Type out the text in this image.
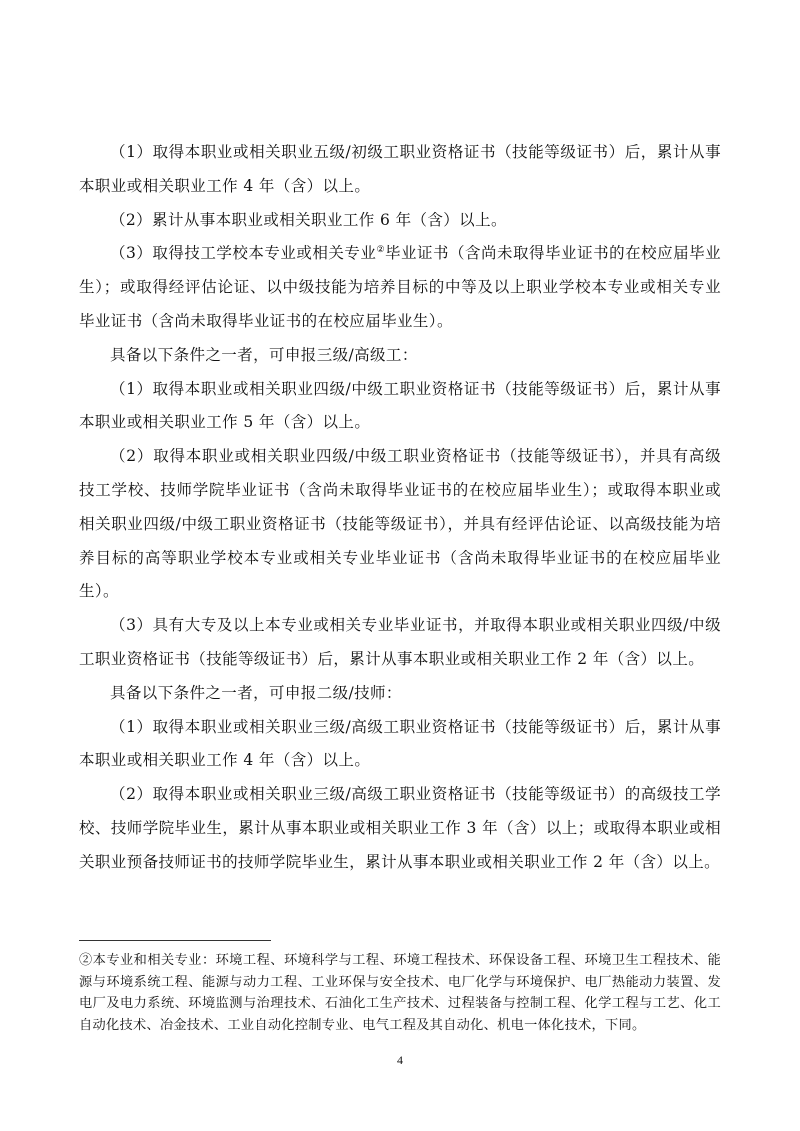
（1）取得本职业或相关职业五级/初级工职业资格证书（技能等级证书）后，累计从事本职业或相关职业工作 4 年（含）以上。

（2）累计从事本职业或相关职业工作 6 年（含）以上。

（3）取得技工学校本专业或相关专业②毕业证书（含尚未取得毕业证书的在校应届毕业生）；或取得经评估论证、以中级技能为培养目标的中等及以上职业学校本专业或相关专业毕业证书（含尚未取得毕业证书的在校应届毕业生）。

具备以下条件之一者，可申报三级/高级工：

（1）取得本职业或相关职业四级/中级工职业资格证书（技能等级证书）后，累计从事本职业或相关职业工作 5 年（含）以上。

（2）取得本职业或相关职业四级/中级工职业资格证书（技能等级证书），并具有高级技工学校、技师学院毕业证书（含尚未取得毕业证书的在校应届毕业生）；或取得本职业或相关职业四级/中级工职业资格证书（技能等级证书），并具有经评估论证、以高级技能为培养目标的高等职业学校本专业或相关专业毕业证书（含尚未取得毕业证书的在校应届毕业生）。

（3）具有大专及以上本专业或相关专业毕业证书，并取得本职业或相关职业四级/中级工职业资格证书（技能等级证书）后，累计从事本职业或相关职业工作 2 年（含）以上。

具备以下条件之一者，可申报二级/技师：

（1）取得本职业或相关职业三级/高级工职业资格证书（技能等级证书）后，累计从事本职业或相关职业工作 4 年（含）以上。

（2）取得本职业或相关职业三级/高级工职业资格证书（技能等级证书）的高级技工学校、技师学院毕业生，累计从事本职业或相关职业工作 3 年（含）以上；或取得本职业或相关职业预备技师证书的技师学院毕业生，累计从事本职业或相关职业工作 2 年（含）以上。

②本专业和相关专业：环境工程、环境科学与工程、环境工程技术、环保设备工程、环境卫生工程技术、能源与环境系统工程、能源与动力工程、工业环保与安全技术、电厂化学与环境保护、电厂热能动力装置、发电厂及电力系统、环境监测与治理技术、石油化工生产技术、过程装备与控制工程、化学工程与工艺、化工自动化技术、冶金技术、工业自动化控制专业、电气工程及其自动化、机电一体化技术，下同。

4
